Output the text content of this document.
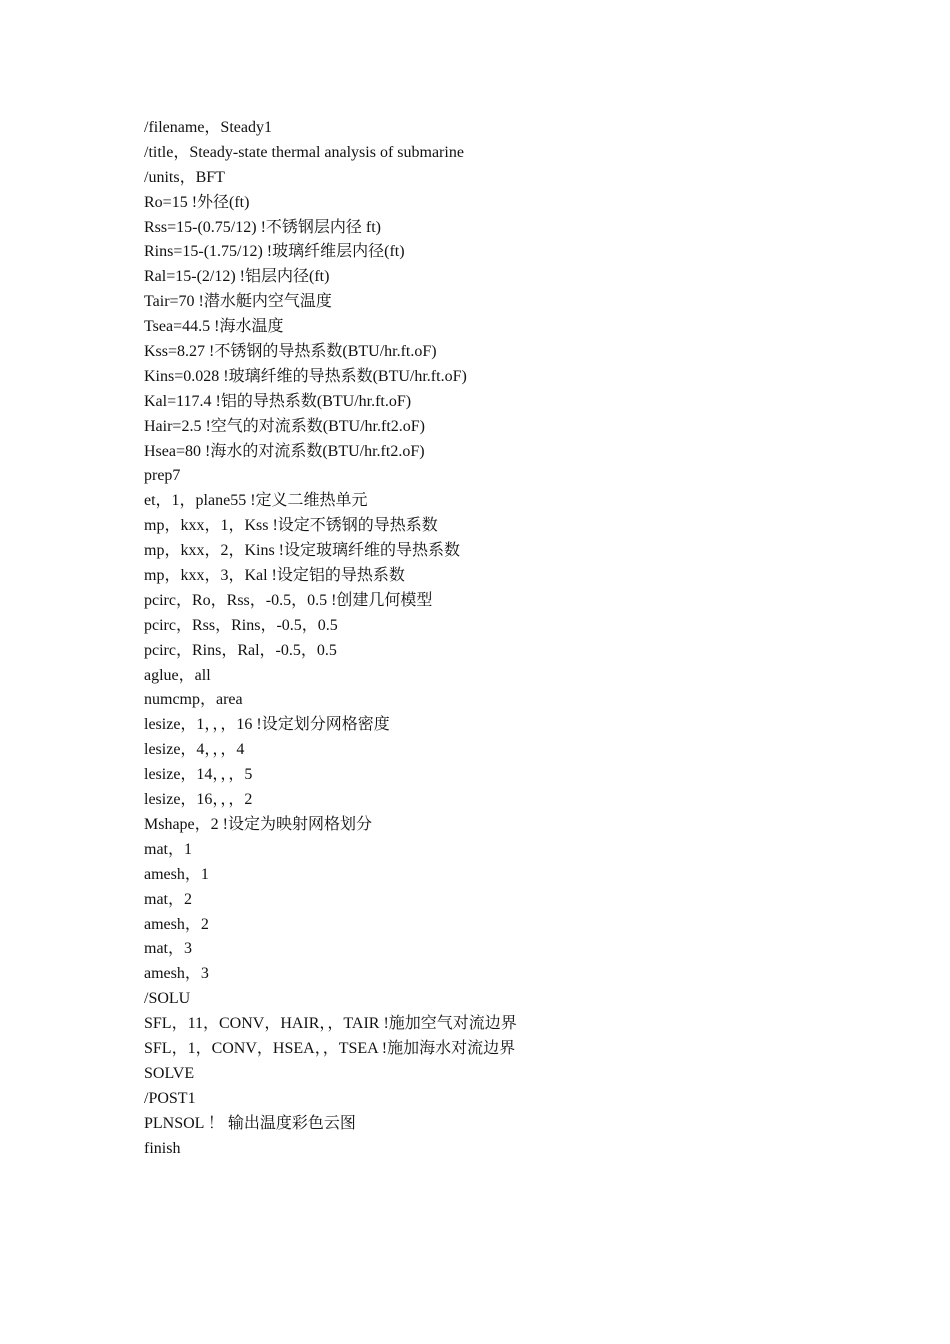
/filename，Steady1
/title，Steady-state thermal analysis of submarine
/units，BFT
Ro=15 !外径(ft)
Rss=15-(0.75/12) !不锈钢层内径 ft)
Rins=15-(1.75/12) !玻璃纤维层内径(ft)
Ral=15-(2/12) !铝层内径(ft)
Tair=70 !潜水艇内空气温度
Tsea=44.5 !海水温度
Kss=8.27 !不锈钢的导热系数(BTU/hr.ft.oF)
Kins=0.028 !玻璃纤维的导热系数(BTU/hr.ft.oF)
Kal=117.4 !铝的导热系数(BTU/hr.ft.oF)
Hair=2.5 !空气的对流系数(BTU/hr.ft2.oF)
Hsea=80 !海水的对流系数(BTU/hr.ft2.oF)
prep7
et，1，plane55 !定义二维热单元
mp，kxx，1，Kss !设定不锈钢的导热系数
mp，kxx，2，Kins !设定玻璃纤维的导热系数
mp，kxx，3，Kal !设定铝的导热系数
pcirc，Ro，Rss，-0.5，0.5 !创建几何模型
pcirc，Rss，Rins，-0.5，0.5
pcirc，Rins，Ral，-0.5，0.5
aglue，all
numcmp，area
lesize，1，，，16 !设定划分网格密度
lesize，4，，，4
lesize，14，，，5
lesize，16，，，2
Mshape，2 !设定为映射网格划分
mat，1
amesh，1
mat，2
amesh，2
mat，3
amesh，3
/SOLU
SFL，11，CONV，HAIR，，TAIR !施加空气对流边界
SFL，1，CONV，HSEA，，TSEA !施加海水对流边界
SOLVE
/POST1
PLNSOL ！ 输出温度彩色云图
finish
